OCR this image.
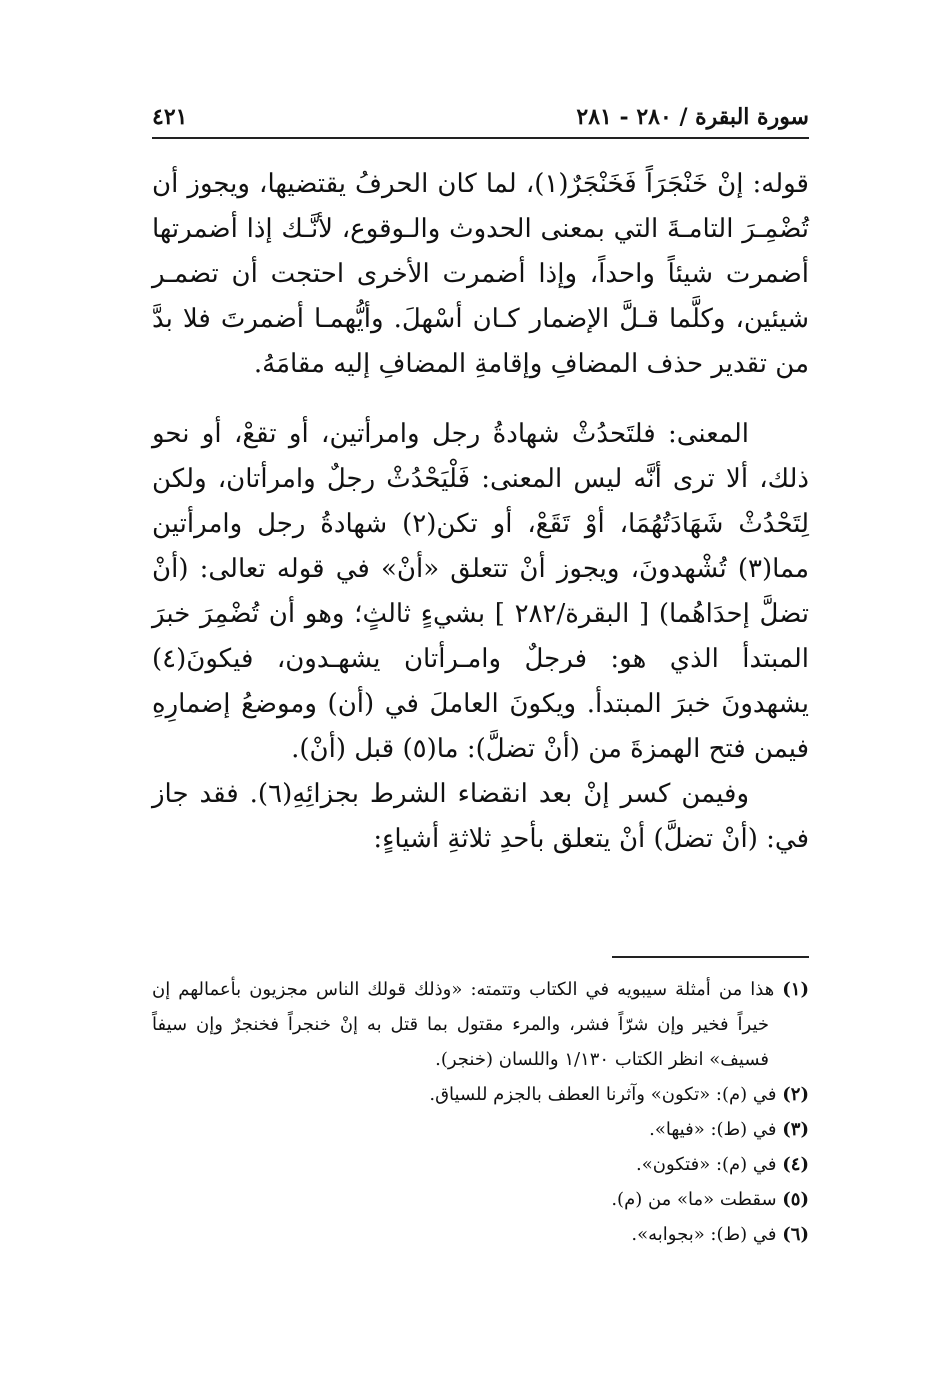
سورة البقرة / ٢٨٠ - ٢٨١
٤٢١

قوله: إنْ خَنْجَرَاً فَخَنْجَرٌ(١)، لما كان الحرفُ يقتضيها، ويجوز أن تُضْمِـرَ التامـةَ التي بمعنى الحدوث والـوقوع، لأنَّـك إذا أضمرتها أضمرت شيئاً واحداً، وإذا أضمرت الأخرى احتجت أن تضمـر شيئين، وكلَّما قـلَّ الإضمار كـان أسْهلَ. وأيُّهمـا أضمرتَ فلا بدَّ من تقدير حذف المضافِ وإقامةِ المضافِ إليه مقامَهُ.

المعنى: فلتَحدُثْ شهادةُ رجل وامرأتين، أو تقعْ، أو نحو ذلك، ألا ترى أنَّه ليس المعنى: فَلْيَحْدُثْ رجلٌ وامرأتان، ولكن لِتَحْدُثْ شَهَادَتُهُمَا، أوْ تَقَعْ، أو تكن(٢) شهادةُ رجل وامرأتين مما(٣) تُشْهدونَ، ويجوز أنْ تتعلق «أنْ» في قوله تعالى: (أنْ تضلَّ إحدَاهُما) [ البقرة/٢٨٢ ] بشيءٍ ثالثٍ؛ وهو أن تُضْمِرَ خبرَ المبتدأ الذي هو: فرجلٌ وامـرأتان يشهـدون، فيكونَ(٤) يشهدونَ خبرَ المبتدأ. ويكونَ العاملَ في (أن) وموضعُ إضمارِهِ فيمن فتح الهمزةَ من (أنْ تضلَّ): ما(٥) قبل (أنْ).

وفيمن كسر إنْ بعد انقضاء الشرط بجزائِهِ(٦). فقد جاز في: (أنْ تضلَّ) أنْ يتعلق بأحدِ ثلاثةِ أشياءٍ:

(١) هذا من أمثلة سيبويه في الكتاب وتتمته: «وذلك قولك الناس مجزيون بأعمالهم إن خيراً فخير وإن شرّاً فشر، والمرء مقتول بما قتل به إنْ خنجراً فخنجرٌ وإن سيفاً فسيف» انظر الكتاب ١/١٣٠ واللسان (خنجر).

(٢) في (م): «تكون» وآثرنا العطف بالجزم للسياق.

(٣) في (ط): «فيها».

(٤) في (م): «فتكون».

(٥) سقطت «ما» من (م).

(٦) في (ط): «بجوابه».
